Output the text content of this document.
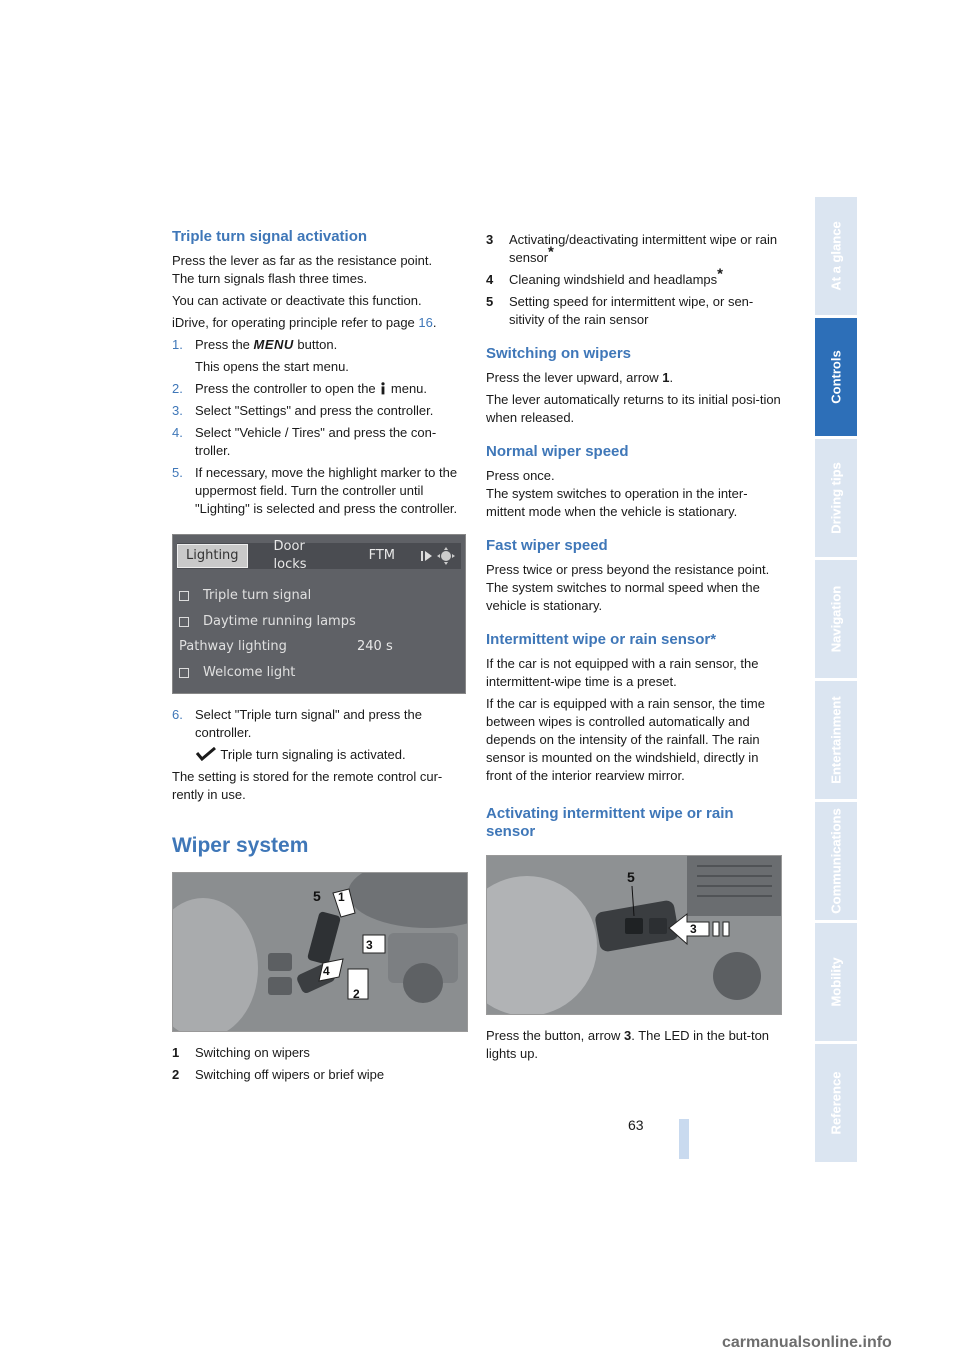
Triple turn signal activation

Press the lever as far as the resistance point.
The turn signals flash three times.

You can activate or deactivate this function.

iDrive, for operating principle refer to page 16.

1. Press the MENU button.

This opens the start menu.

2. Press the controller to open the  menu.
3. Select "Settings" and press the controller.
4. Select "Vehicle / Tires" and press the con-troller.
5. If necessary, move the highlight marker to the uppermost field. Turn the controller until "Lighting" is selected and press the controller.
Lighting
Door locks
FTM
Triple turn signal
Daytime running lamps
Pathway lighting	240 s
Welcome light
6. Select "Triple turn signal" and press the controller.

Triple turn signaling is activated.

The setting is stored for the remote control cur-rently in use.

Wiper system
5 1
3
4
2
1	Switching on wipers
2	Switching off wipers or brief wipe
3	Activating/deactivating intermittent wipe or rain sensor*
4	Cleaning windshield and headlamps*
5	Setting speed for intermittent wipe, or sen-sitivity of the rain sensor
Switching on wipers

Press the lever upward, arrow 1.

The lever automatically returns to its initial posi-tion when released.

Normal wiper speed

Press once.
The system switches to operation in the inter-mittent mode when the vehicle is stationary.

Fast wiper speed

Press twice or press beyond the resistance point.
The system switches to normal speed when the vehicle is stationary.

Intermittent wipe or rain sensor*

If the car is not equipped with a rain sensor, the intermittent-wipe time is a preset.

If the car is equipped with a rain sensor, the time between wipes is controlled automatically and depends on the intensity of the rainfall. The rain sensor is mounted on the windshield, directly in front of the interior rearview mirror.

Activating intermittent wipe or rain sensor
5
3

Press the button, arrow 3. The LED in the but-ton lights up.

At a glance
Controls
Driving tips
Navigation
Entertainment
Communications
Mobility
Reference
63
carmanualsonline.info
